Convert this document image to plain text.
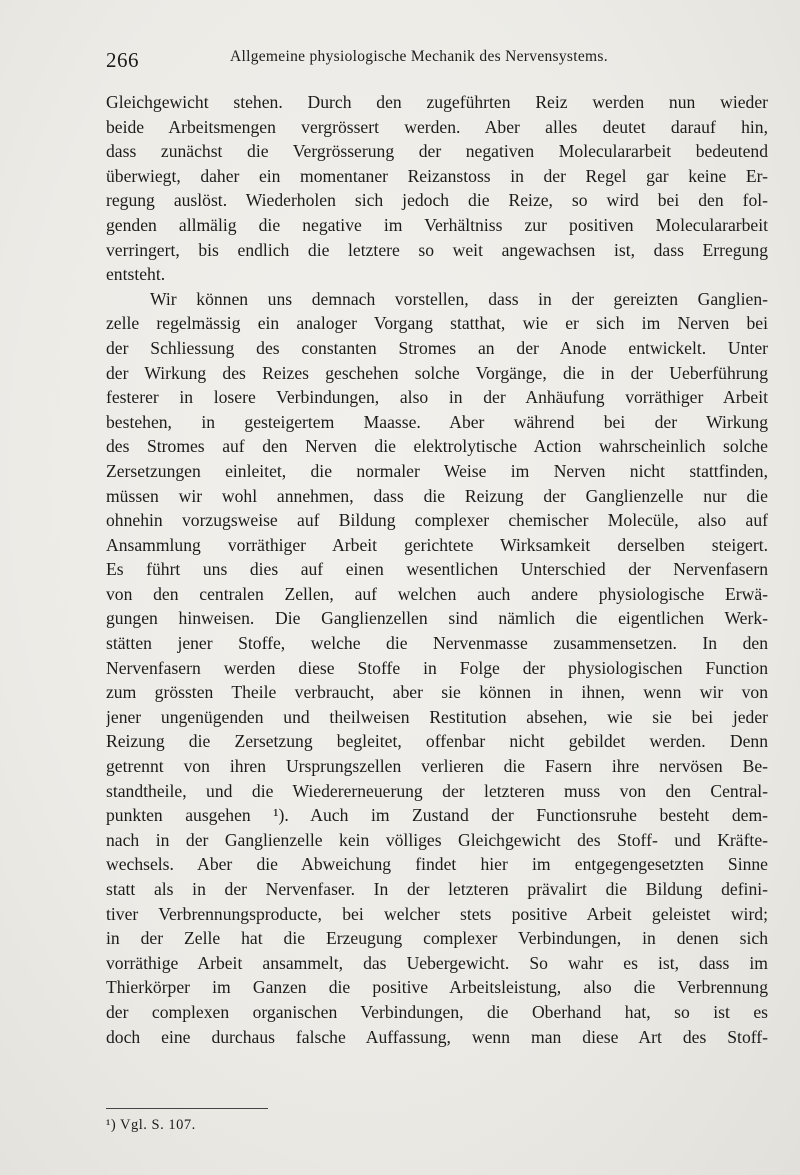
266	Allgemeine physiologische Mechanik des Nervensystems.
Gleichgewicht stehen. Durch den zugeführten Reiz werden nun wieder
beide Arbeitsmengen vergrössert werden. Aber alles deutet darauf hin,
dass zunächst die Vergrösserung der negativen Moleculararbeit bedeutend
überwiegt, daher ein momentaner Reizanstoss in der Regel gar keine Er-
regung auslöst. Wiederholen sich jedoch die Reize, so wird bei den fol-
genden allmälig die negative im Verhältniss zur positiven Moleculararbeit
verringert, bis endlich die letztere so weit angewachsen ist, dass Erregung
entsteht.
Wir können uns demnach vorstellen, dass in der gereizten Ganglien-
zelle regelmässig ein analoger Vorgang statthat, wie er sich im Nerven bei
der Schliessung des constanten Stromes an der Anode entwickelt. Unter
der Wirkung des Reizes geschehen solche Vorgänge, die in der Ueberführung
festerer in losere Verbindungen, also in der Anhäufung vorräthiger Arbeit
bestehen, in gesteigertem Maasse. Aber während bei der Wirkung
des Stromes auf den Nerven die elektrolytische Action wahrscheinlich solche
Zersetzungen einleitet, die normaler Weise im Nerven nicht stattfinden,
müssen wir wohl annehmen, dass die Reizung der Ganglienzelle nur die
ohnehin vorzugsweise auf Bildung complexer chemischer Molecüle, also auf
Ansammlung vorräthiger Arbeit gerichtete Wirksamkeit derselben steigert.
Es führt uns dies auf einen wesentlichen Unterschied der Nervenfasern
von den centralen Zellen, auf welchen auch andere physiologische Erwä-
gungen hinweisen. Die Ganglienzellen sind nämlich die eigentlichen Werk-
stätten jener Stoffe, welche die Nervenmasse zusammensetzen. In den
Nervenfasern werden diese Stoffe in Folge der physiologischen Function
zum grössten Theile verbraucht, aber sie können in ihnen, wenn wir von
jener ungenügenden und theilweisen Restitution absehen, wie sie bei jeder
Reizung die Zersetzung begleitet, offenbar nicht gebildet werden. Denn
getrennt von ihren Ursprungszellen verlieren die Fasern ihre nervösen Be-
standtheile, und die Wiedererneuerung der letzteren muss von den Central-
punkten ausgehen ¹). Auch im Zustand der Functionsruhe besteht dem-
nach in der Ganglienzelle kein völliges Gleichgewicht des Stoff- und Kräfte-
wechsels. Aber die Abweichung findet hier im entgegengesetzten Sinne
statt als in der Nervenfaser. In der letzteren prävalirt die Bildung defini-
tiver Verbrennungsproducte, bei welcher stets positive Arbeit geleistet wird;
in der Zelle hat die Erzeugung complexer Verbindungen, in denen sich
vorräthige Arbeit ansammelt, das Uebergewicht. So wahr es ist, dass im
Thierkörper im Ganzen die positive Arbeitsleistung, also die Verbrennung
der complexen organischen Verbindungen, die Oberhand hat, so ist es
doch eine durchaus falsche Auffassung, wenn man diese Art des Stoff-
¹) Vgl. S. 107.
